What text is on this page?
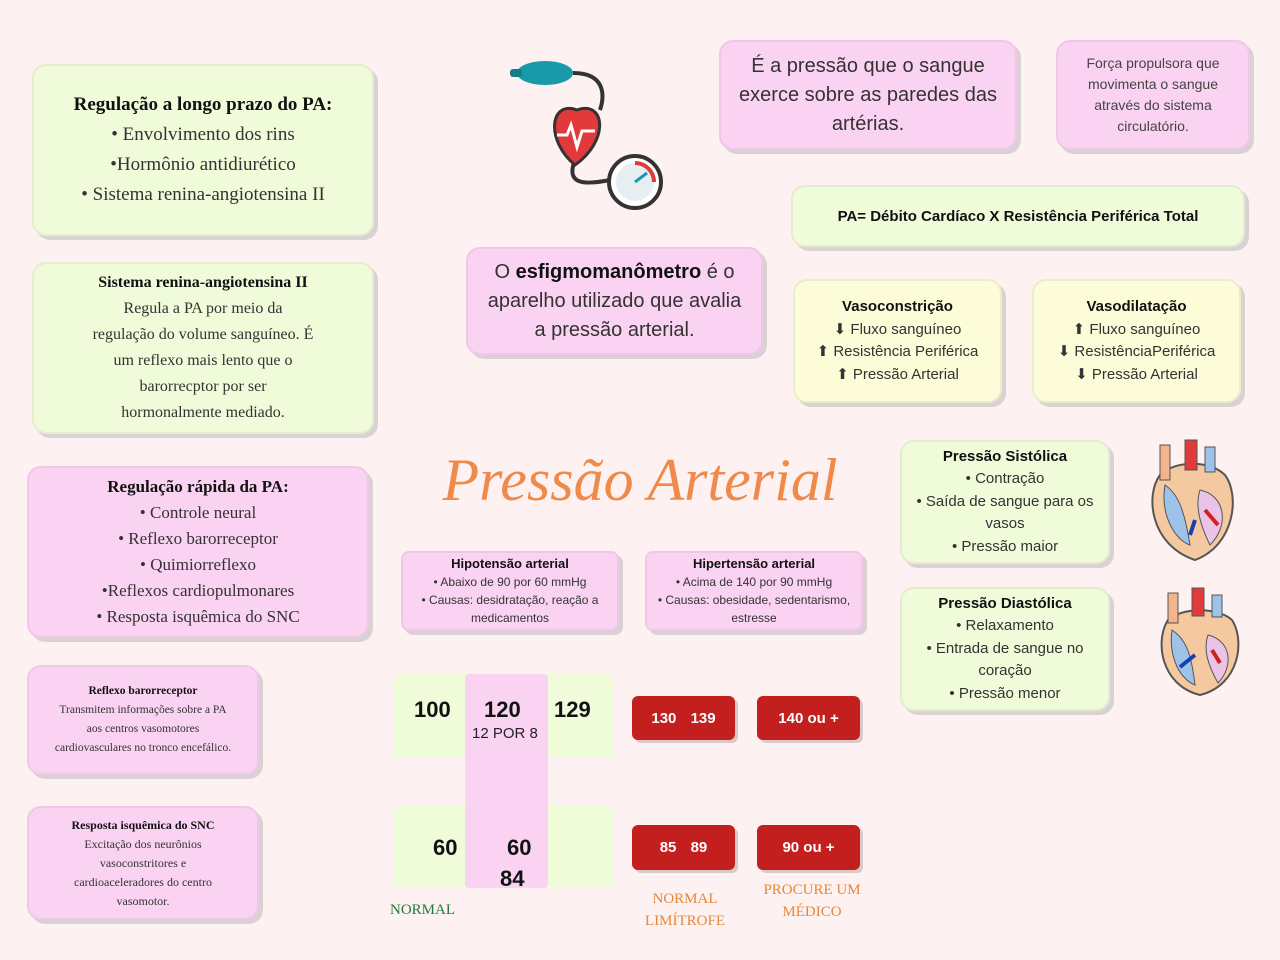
Regulação a longo prazo do PA:
• Envolvimento dos rins
•Hormônio antidiurético
• Sistema renina-angiotensina II
Sistema renina-angiotensina II
Regula a PA por meio da
regulação do volume sanguíneo. É
um reflexo mais lento que o
barorrecptor por ser
hormonalmente mediado.
Regulação rápida da PA:
• Controle neural
• Reflexo barorreceptor
• Quimiorreflexo
•Reflexos cardiopulmonares
• Resposta isquêmica do SNC
Reflexo barorreceptor
Transmitem informações sobre a PA
aos centros vasomotores
cardiovasculares no tronco encefálico.
Resposta isquêmica do SNC
Excitação dos neurônios
vasoconstritores e
cardioaceleradores do centro
vasomotor.
O esfigmomanômetro é o
aparelho utilizado que avalia
a pressão arterial.
Pressão Arterial
Hipotensão arterial
• Abaixo de 90 por 60 mmHg
• Causas: desidratação, reação a
medicamentos
Hipertensão arterial
• Acima de 140 por 90 mmHg
• Causas: obesidade, sedentarismo,
estresse
100 120 129
12 POR 8
60 60
84
130 139	140 ou +
85 89	90 ou +
NORMAL
NORMAL
LIMÍTROFE
PROCURE UM
MÉDICO
É a pressão que o sangue
exerce sobre as paredes das
artérias.
Força propulsora que
movimenta o sangue
através do sistema
circulatório.
PA= Débito Cardíaco X Resistência Periférica Total
Vasoconstrição
⬇ Fluxo sanguíneo
⬆ Resistência Periférica
⬆ Pressão Arterial
Vasodilatação
⬆ Fluxo sanguíneo
⬇ ResistênciaPeriférica
⬇ Pressão Arterial
Pressão Sistólica
• Contração
• Saída de sangue para os
vasos
• Pressão maior
Pressão Diastólica
• Relaxamento
• Entrada de sangue no
coração
• Pressão menor
